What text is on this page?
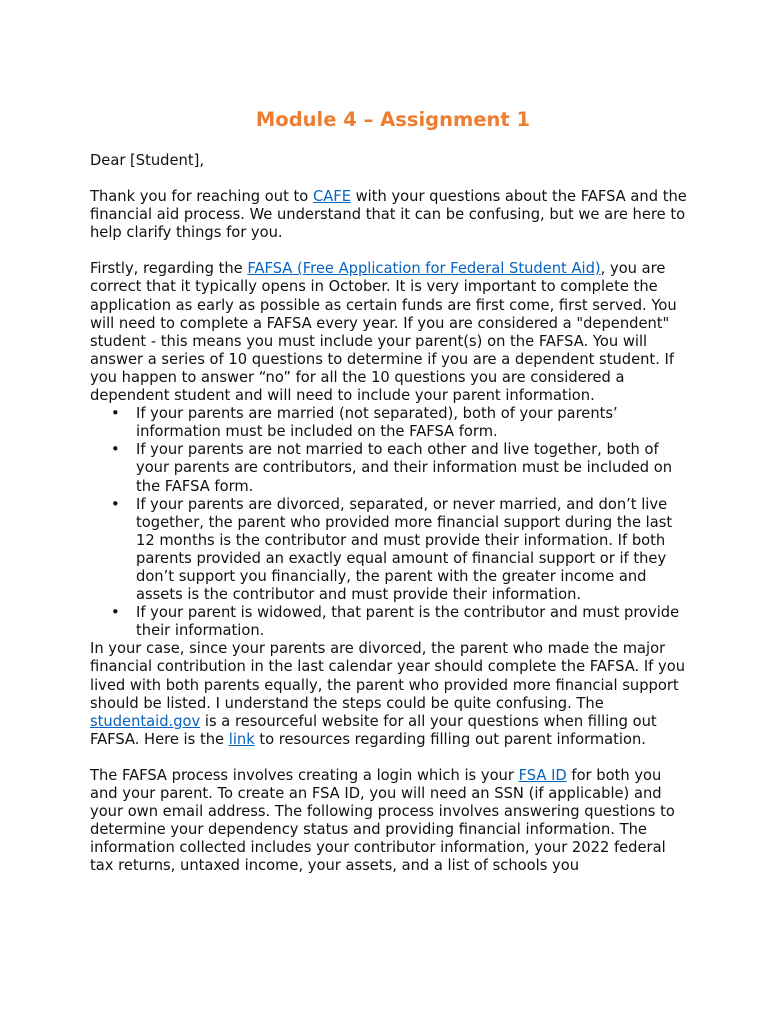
Module 4 – Assignment 1

Dear [Student],

Thank you for reaching out to CAFE with your questions about the FAFSA and the financial aid process. We understand that it can be confusing, but we are here to help clarify things for you.

Firstly, regarding the FAFSA (Free Application for Federal Student Aid), you are correct that it typically opens in October. It is very important to complete the application as early as possible as certain funds are first come, first served. You will need to complete a FAFSA every year. If you are considered a "dependent" student - this means you must include your parent(s) on the FAFSA. You will answer a series of 10 questions to determine if you are a dependent student. If you happen to answer “no” for all the 10 questions you are considered a dependent student and will need to include your parent information.

• If your parents are married (not separated), both of your parents’ information must be included on the FAFSA form.
• If your parents are not married to each other and live together, both of your parents are contributors, and their information must be included on the FAFSA form.
• If your parents are divorced, separated, or never married, and don’t live together, the parent who provided more financial support during the last 12 months is the contributor and must provide their information. If both parents provided an exactly equal amount of financial support or if they don’t support you financially, the parent with the greater income and assets is the contributor and must provide their information.
• If your parent is widowed, that parent is the contributor and must provide their information.

In your case, since your parents are divorced, the parent who made the major financial contribution in the last calendar year should complete the FAFSA. If you lived with both parents equally, the parent who provided more financial support should be listed. I understand the steps could be quite confusing. The studentaid.gov is a resourceful website for all your questions when filling out FAFSA. Here is the link to resources regarding filling out parent information.

The FAFSA process involves creating a login which is your FSA ID for both you and your parent. To create an FSA ID, you will need an SSN (if applicable) and your own email address. The following process involves answering questions to determine your dependency status and providing financial information. The information collected includes your contributor information, your 2022 federal tax returns, untaxed income, your assets, and a list of schools you
